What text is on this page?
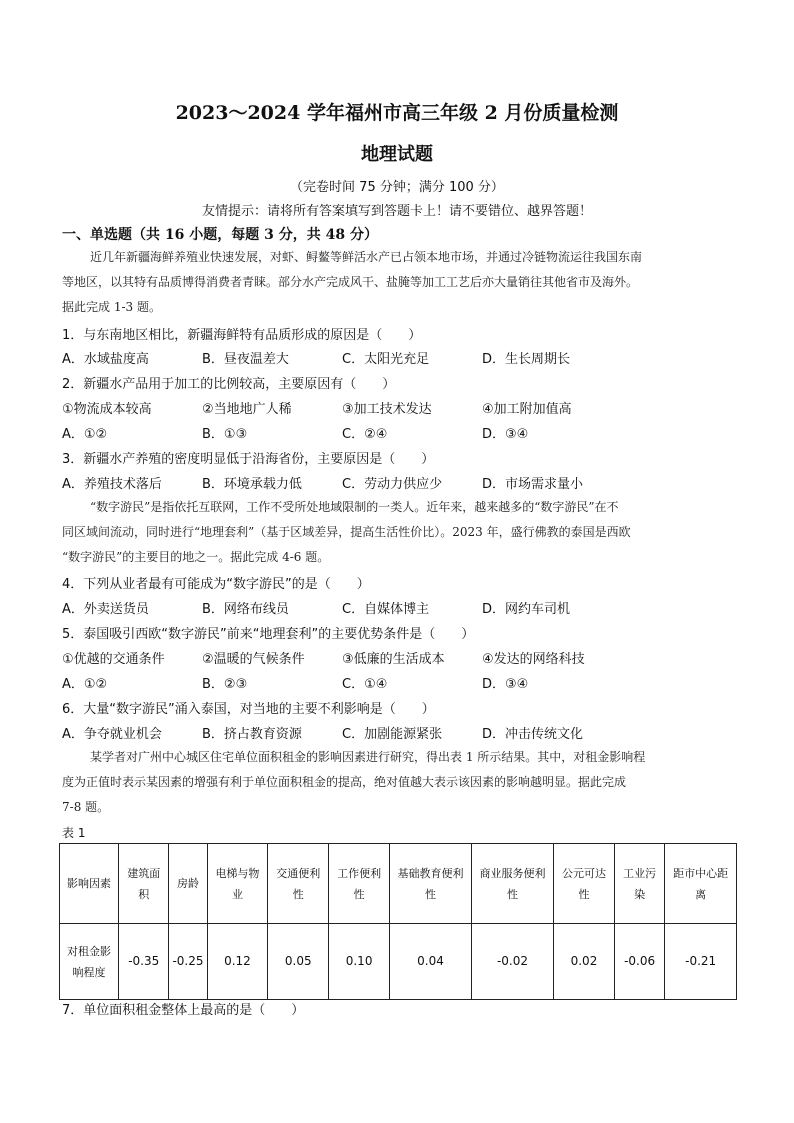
2023～2024 学年福州市高三年级 2 月份质量检测
地理试题
（完卷时间 75 分钟；满分 100 分）
友情提示：请将所有答案填写到答题卡上！请不要错位、越界答题！
一、单选题（共 16 小题，每题 3 分，共 48 分）

近几年新疆海鲜养殖业快速发展，对虾、鲟鳌等鲜活水产已占领本地市场，并通过冷链物流运往我国东南

等地区，以其特有品质博得消费者青睐。部分水产完成风干、盐腌等加工工艺后亦大量销往其他省市及海外。

据此完成 1-3 题。

1．与东南地区相比，新疆海鲜特有品质形成的原因是（　　）
A．水域盐度高	B．昼夜温差大	C．太阳光充足	D．生长周期长
2．新疆水产品用于加工的比例较高，主要原因有（　　）
①物流成本较高	②当地地广人稀	③加工技术发达	④加工附加值高
A．①②	B．①③	C．②④	D．③④
3．新疆水产养殖的密度明显低于沿海省份，主要原因是（　　）
A．养殖技术落后	B．环境承载力低	C．劳动力供应少	D．市场需求量小

“数字游民”是指依托互联网，工作不受所处地域限制的一类人。近年来，越来越多的“数字游民”在不

同区域间流动，同时进行“地理套利”（基于区域差异，提高生活性价比）。2023 年，盛行佛教的泰国是西欧

“数字游民”的主要目的地之一。据此完成 4-6 题。

4．下列从业者最有可能成为“数字游民”的是（　　）
A．外卖送货员	B．网络布线员	C．自媒体博主	D．网约车司机
5．泰国吸引西欧“数字游民”前来“地理套利”的主要优势条件是（　　）
①优越的交通条件	②温暖的气候条件	③低廉的生活成本	④发达的网络科技
A．①②	B．②③	C．①④	D．③④
6．大量“数字游民”涌入泰国，对当地的主要不利影响是（　　）
A．争夺就业机会	B．挤占教育资源	C．加剧能源紧张	D．冲击传统文化

某学者对广州中心城区住宅单位面积租金的影响因素进行研究，得出表 1 所示结果。其中，对租金影响程

度为正值时表示某因素的增强有利于单位面积租金的提高，绝对值越大表示该因素的影响越明显。据此完成

7-8 题。

表 1
影响因素	建筑面积	房龄	电梯与物业	交通便利性	工作便利性	基础教育便利性	商业服务便利性	公元可达性	工业污染	距市中心距离
对租金影响程度	-0.35	-0.25	0.12	0.05	0.10	0.04	-0.02	0.02	-0.06	-0.21
7．单位面积租金整体上最高的是（　　）
